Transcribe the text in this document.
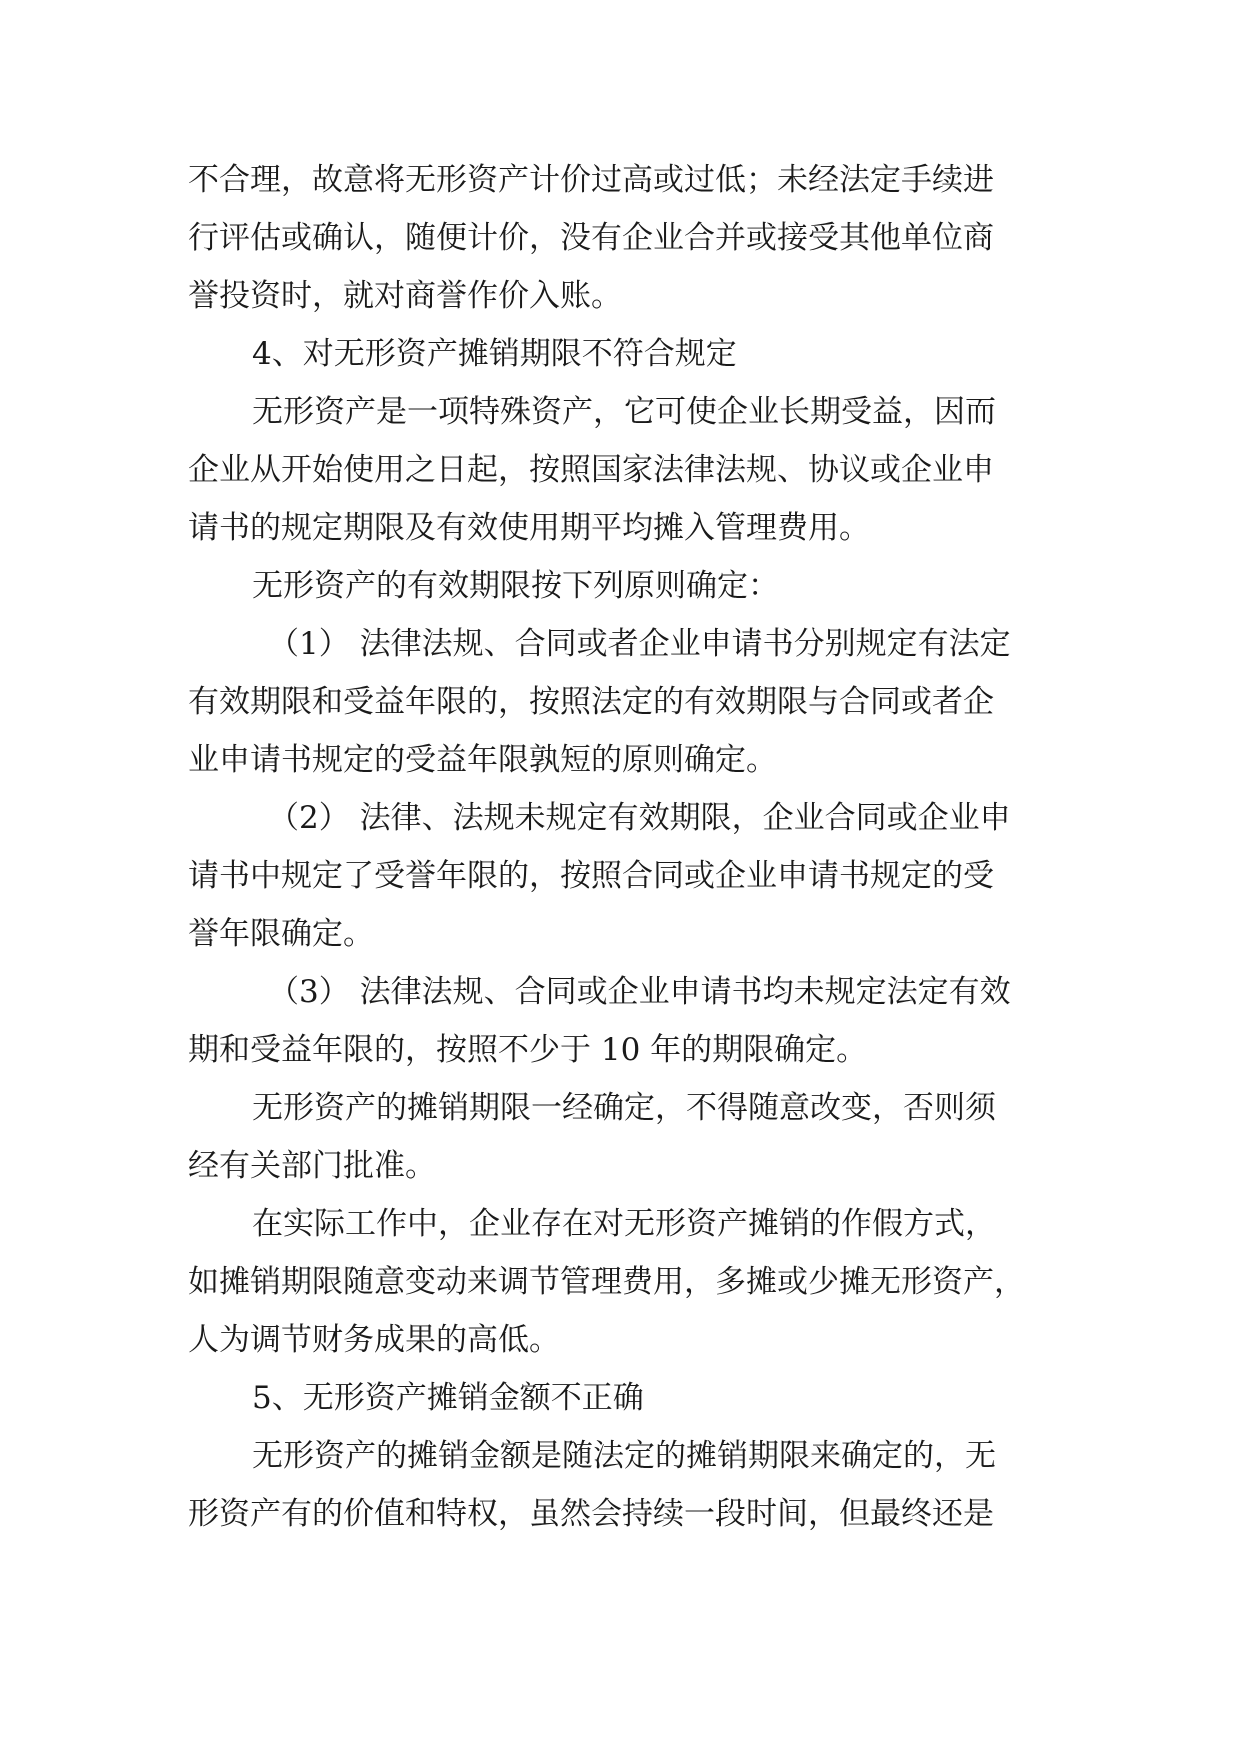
不合理，故意将无形资产计价过高或过低；未经法定手续进
行评估或确认，随便计价，没有企业合并或接受其他单位商
誉投资时，就对商誉作价入账。
4、对无形资产摊销期限不符合规定
无形资产是一项特殊资产，它可使企业长期受益，因而
企业从开始使用之日起，按照国家法律法规、协议或企业申
请书的规定期限及有效使用期平均摊入管理费用。
无形资产的有效期限按下列原则确定：
（1） 法律法规、合同或者企业申请书分别规定有法定
有效期限和受益年限的，按照法定的有效期限与合同或者企
业申请书规定的受益年限孰短的原则确定。
（2） 法律、法规未规定有效期限，企业合同或企业申
请书中规定了受誉年限的，按照合同或企业申请书规定的受
誉年限确定。
（3） 法律法规、合同或企业申请书均未规定法定有效
期和受益年限的，按照不少于 10 年的期限确定。
无形资产的摊销期限一经确定，不得随意改变，否则须
经有关部门批准。
在实际工作中，企业存在对无形资产摊销的作假方式，
如摊销期限随意变动来调节管理费用，多摊或少摊无形资产，
人为调节财务成果的高低。
5、无形资产摊销金额不正确
无形资产的摊销金额是随法定的摊销期限来确定的，无
形资产有的价值和特权，虽然会持续一段时间，但最终还是
